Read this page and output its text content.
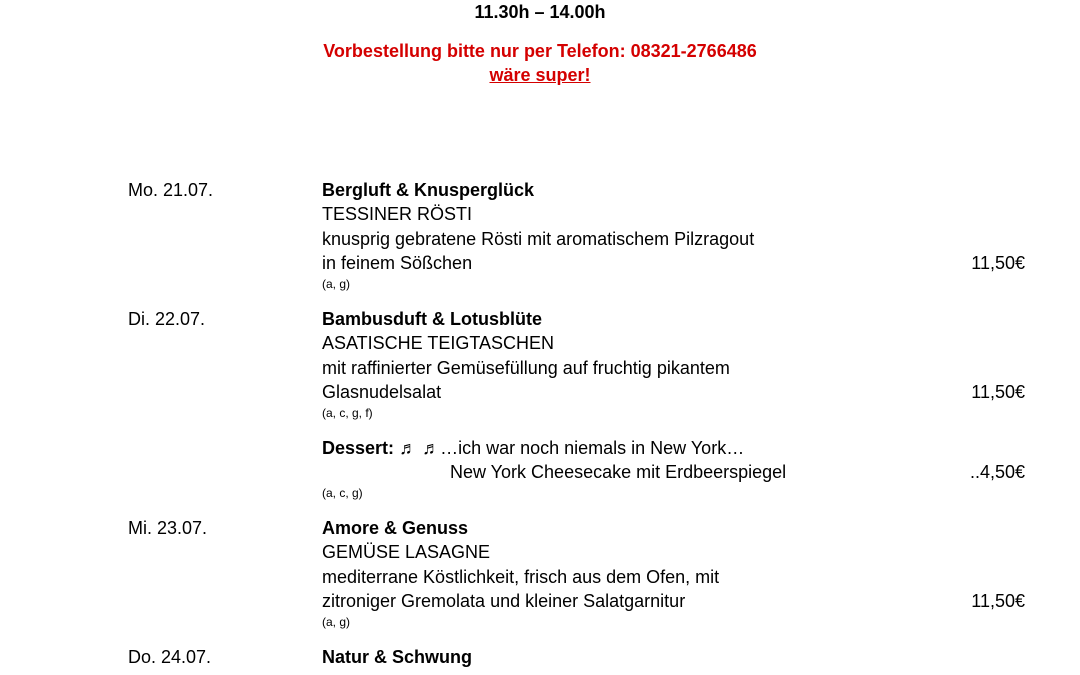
11.30h – 14.00h
Vorbestellung bitte nur per Telefon: 08321-2766486
wäre super!
Mo. 21.07.	Bergluft & Knusperglück
TESSINER RÖSTI
knusprig gebratene Rösti mit aromatischem Pilzragout
in feinem Sößchen	11,50€
(a, g)
Di. 22.07.	Bambusduft & Lotusblüte
ASATISCHE TEIGTASCHEN
mit raffinierter Gemüsefüllung auf fruchtig pikantem
Glasnudelsalat	11,50€
(a, c, g, f)
Dessert: ♬ ♬…ich war noch niemals in New York…
New York Cheesecake mit Erdbeerspiegel	..4,50€
(a, c, g)
Mi. 23.07.	Amore & Genuss
GEMÜSE LASAGNE
mediterrane Köstlichkeit, frisch aus dem Ofen, mit
zitroniger Gremolata und kleiner Salatgarnitur	11,50€
(a, g)
Do. 24.07.	Natur & Schwung
